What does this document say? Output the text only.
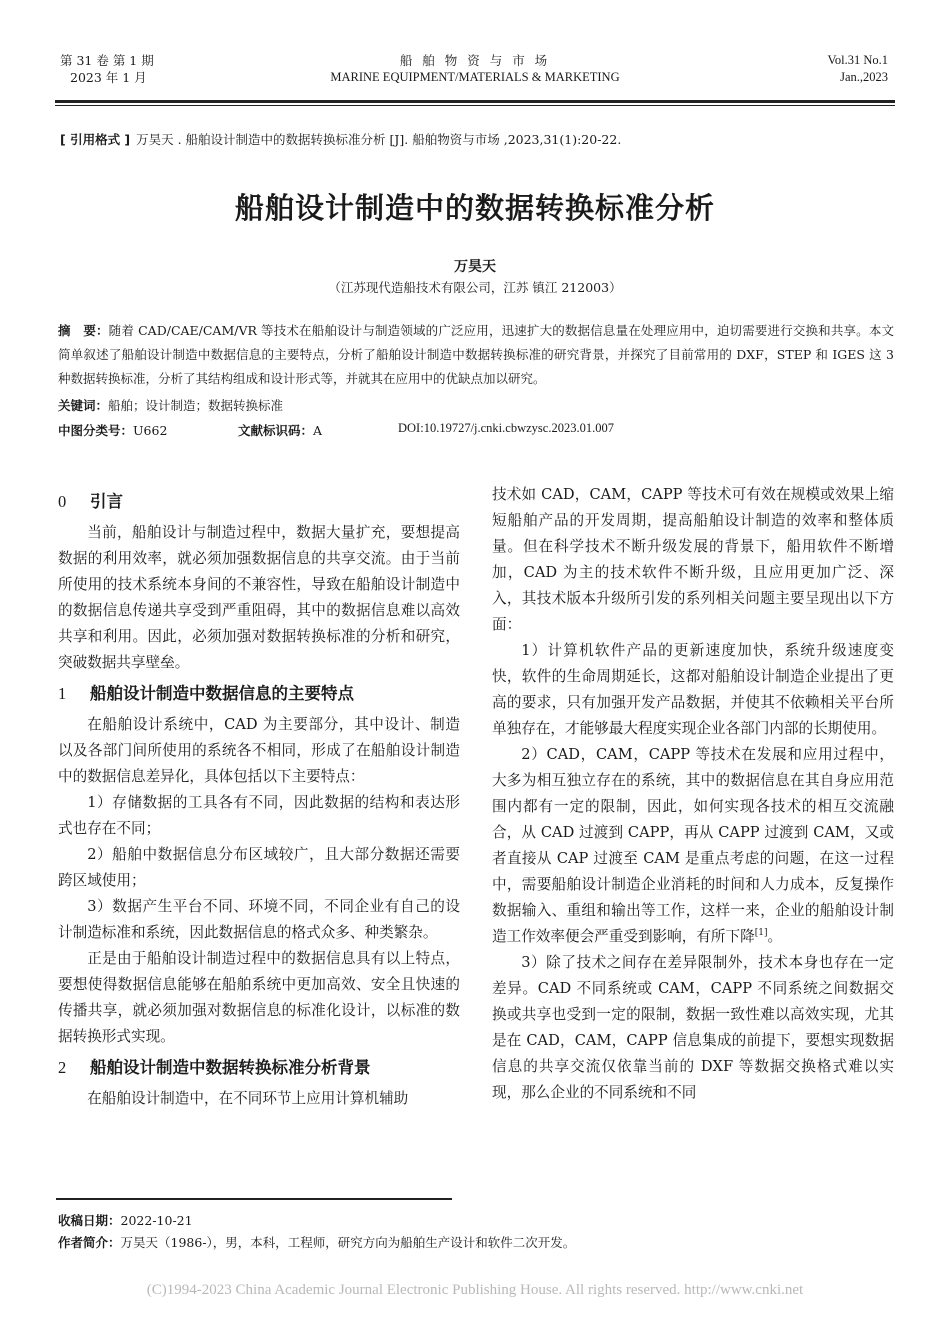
第 31 卷 第 1 期
2023 年 1 月
船 舶 物 资 与 市 场
MARINE EQUIPMENT/MATERIALS & MARKETING
Vol.31 No.1
Jan.,2023
[ 引用格式 ] 万昊天 . 船舶设计制造中的数据转换标准分析 [J]. 船舶物资与市场 ,2023,31(1):20-22.
船舶设计制造中的数据转换标准分析
万昊天
（江苏现代造船技术有限公司，江苏 镇江 212003）
摘　要：随着 CAD/CAE/CAM/VR 等技术在船舶设计与制造领域的广泛应用，迅速扩大的数据信息量在处理应用中，迫切需要进行交换和共享。本文简单叙述了船舶设计制造中数据信息的主要特点，分析了船舶设计制造中数据转换标准的研究背景，并探究了目前常用的 DXF，STEP 和 IGES 这 3 种数据转换标准，分析了其结构组成和设计形式等，并就其在应用中的优缺点加以研究。
关键词：船舶；设计制造；数据转换标准
中图分类号：U662	文献标识码：A	DOI:10.19727/j.cnki.cbwzysc.2023.01.007
0 引言

当前，船舶设计与制造过程中，数据大量扩充，要想提高数据的利用效率，就必须加强数据信息的共享交流。由于当前所使用的技术系统本身间的不兼容性，导致在船舶设计制造中的数据信息传递共享受到严重阻碍，其中的数据信息难以高效共享和利用。因此，必须加强对数据转换标准的分析和研究，突破数据共享壁垒。

1 船舶设计制造中数据信息的主要特点

在船舶设计系统中，CAD 为主要部分，其中设计、制造以及各部门间所使用的系统各不相同，形成了在船舶设计制造中的数据信息差异化，具体包括以下主要特点：

1）存储数据的工具各有不同，因此数据的结构和表达形式也存在不同；

2）船舶中数据信息分布区域较广，且大部分数据还需要跨区域使用；

3）数据产生平台不同、环境不同，不同企业有自己的设计制造标准和系统，因此数据信息的格式众多、种类繁杂。

正是由于船舶设计制造过程中的数据信息具有以上特点，要想使得数据信息能够在船舶系统中更加高效、安全且快速的传播共享，就必须加强对数据信息的标准化设计，以标准的数据转换形式实现。

2 船舶设计制造中数据转换标准分析背景

在船舶设计制造中，在不同环节上应用计算机辅助

技术如 CAD，CAM，CAPP 等技术可有效在规模或效果上缩短船舶产品的开发周期，提高船舶设计制造的效率和整体质量。但在科学技术不断升级发展的背景下，船用软件不断增加，CAD 为主的技术软件不断升级，且应用更加广泛、深入，其技术版本升级所引发的系列相关问题主要呈现出以下方面：

1）计算机软件产品的更新速度加快，系统升级速度变快，软件的生命周期延长，这都对船舶设计制造企业提出了更高的要求，只有加强开发产品数据，并使其不依赖相关平台所单独存在，才能够最大程度实现企业各部门内部的长期使用。

2）CAD，CAM，CAPP 等技术在发展和应用过程中，大多为相互独立存在的系统，其中的数据信息在其自身应用范围内都有一定的限制，因此，如何实现各技术的相互交流融合，从 CAD 过渡到 CAPP，再从 CAPP 过渡到 CAM，又或者直接从 CAP 过渡至 CAM 是重点考虑的问题，在这一过程中，需要船舶设计制造企业消耗的时间和人力成本，反复操作数据输入、重组和输出等工作，这样一来，企业的船舶设计制造工作效率便会严重受到影响，有所下降[1]。

3）除了技术之间存在差异限制外，技术本身也存在一定差异。CAD 不同系统或 CAM，CAPP 不同系统之间数据交换或共享也受到一定的限制，数据一致性难以高效实现，尤其是在 CAD，CAM，CAPP 信息集成的前提下，要想实现数据信息的共享交流仅依靠当前的 DXF 等数据交换格式难以实现，那么企业的不同系统和不同

收稿日期：2022-10-21
作者简介：万昊天（1986-），男，本科，工程师，研究方向为船舶生产设计和软件二次开发。
(C)1994-2023 China Academic Journal Electronic Publishing House. All rights reserved. http://www.cnki.net
